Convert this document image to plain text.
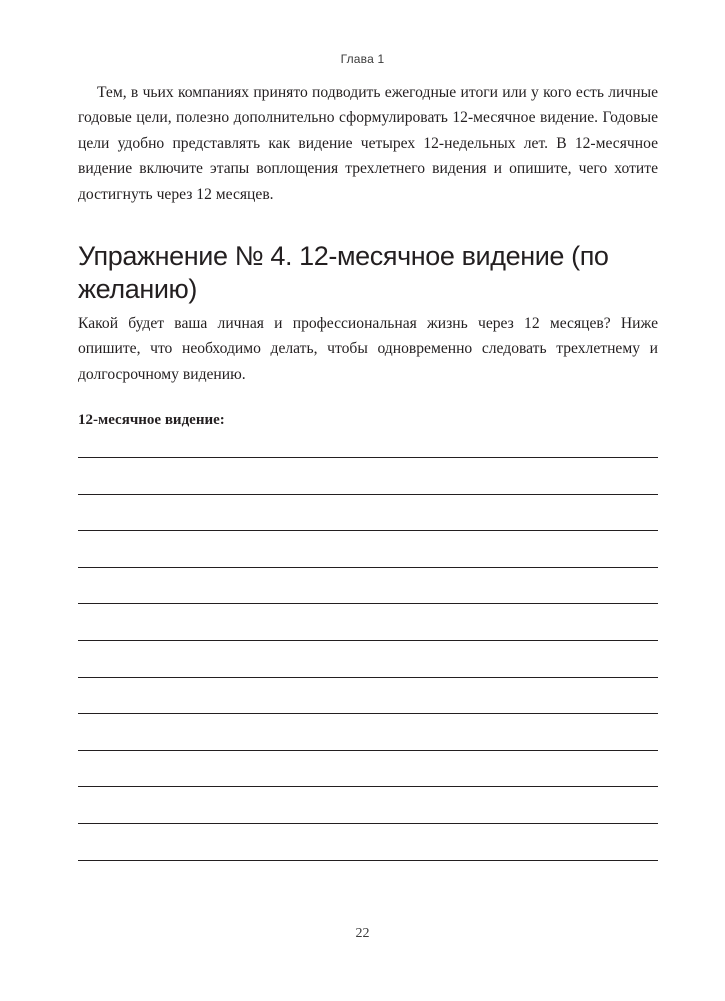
Глава 1

Тем, в чьих компаниях принято подводить ежегодные итоги или у кого есть личные годовые цели, полезно дополнительно сформулировать 12-месячное видение. Годовые цели удобно представлять как видение четырех 12-недельных лет. В 12-месячное видение включите этапы воплощения трехлетнего видения и опишите, чего хотите достигнуть через 12 месяцев.

Упражнение № 4. 12-месячное видение (по желанию)

Какой будет ваша личная и профессиональная жизнь через 12 месяцев? Ниже опишите, что необходимо делать, чтобы одновременно следовать трехлетнему и долгосрочному видению.

12-месячное видение:

22
